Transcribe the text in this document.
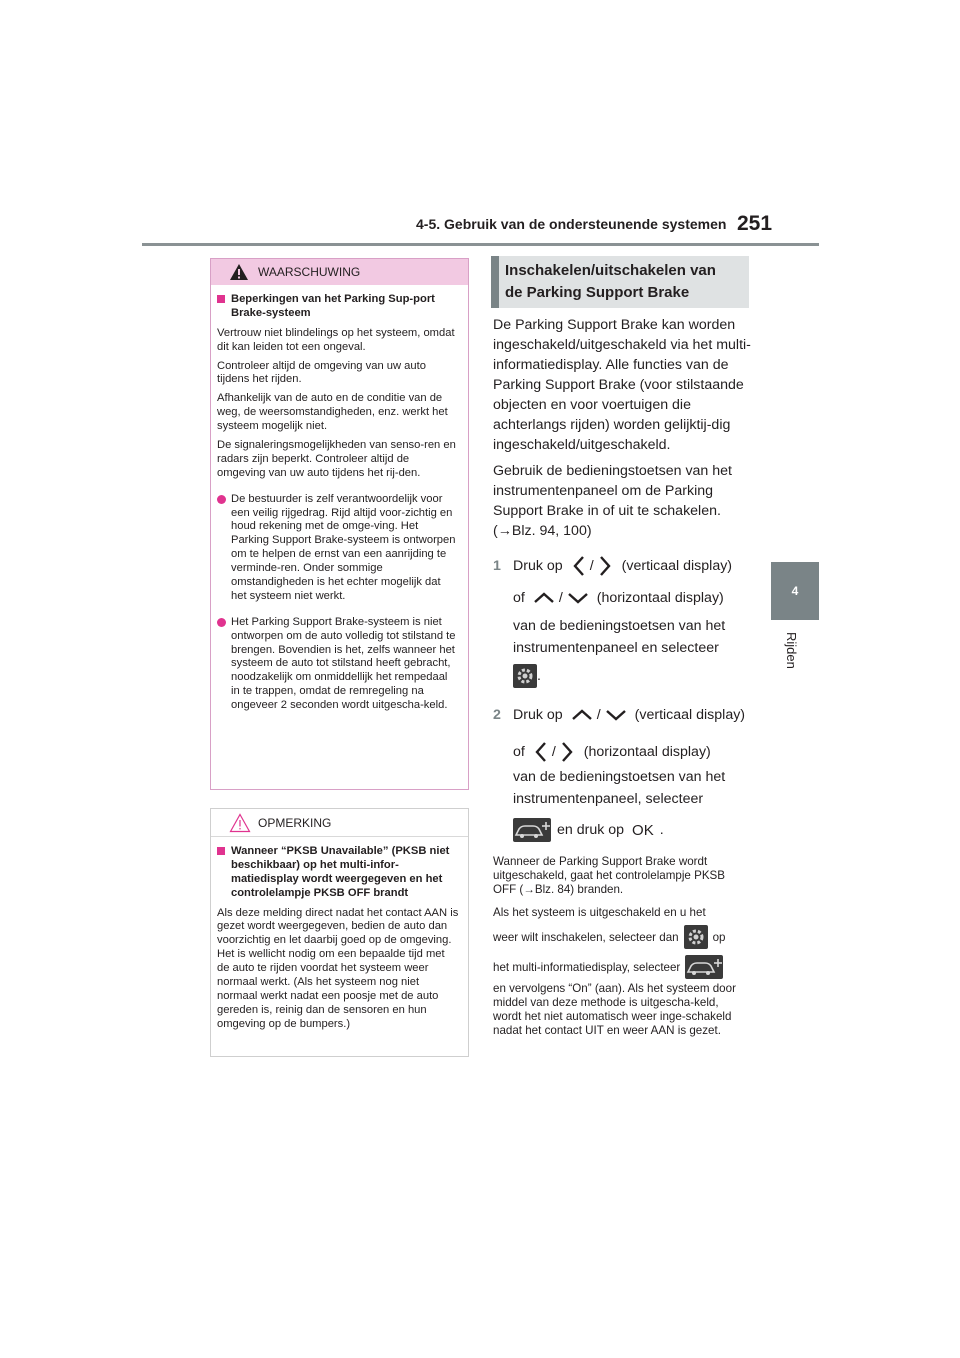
4-5. Gebruik van de ondersteunende systemen 251
4
Rijden
WAARSCHUWING
Beperkingen van het Parking Sup-port Brake-systeem

Vertrouw niet blindelings op het systeem, omdat dit kan leiden tot een ongeval.

Controleer altijd de omgeving van uw auto tijdens het rijden.

Afhankelijk van de auto en de conditie van de weg, de weersomstandigheden, enz. werkt het systeem mogelijk niet.

De signaleringsmogelijkheden van senso-ren en radars zijn beperkt. Controleer altijd de omgeving van uw auto tijdens het rij-den.

De bestuurder is zelf verantwoordelijk voor een veilig rijgedrag. Rijd altijd voor-zichtig en houd rekening met de omge-ving. Het Parking Support Brake-systeem is ontworpen om te helpen de ernst van een aanrijding te verminde-ren. Onder sommige omstandigheden is het echter mogelijk dat het systeem niet werkt.
Het Parking Support Brake-systeem is niet ontworpen om de auto volledig tot stilstand te brengen. Bovendien is het, zelfs wanneer het systeem de auto tot stilstand heeft gebracht, noodzakelijk om onmiddellijk het rempedaal in te trappen, omdat de remregeling na ongeveer 2 seconden wordt uitgescha-keld.
OPMERKING
Wanneer “PKSB Unavailable” (PKSB niet beschikbaar) op het multi-infor-matiedisplay wordt weergegeven en het controlelampje PKSB OFF brandt

Als deze melding direct nadat het contact AAN is gezet wordt weergegeven, bedien de auto dan voorzichtig en let daarbij goed op de omgeving. Het is wellicht nodig om een bepaalde tijd met de auto te rijden voordat het systeem weer normaal werkt. (Als het systeem nog niet normaal werkt nadat een poosje met de auto gereden is, reinig dan de sensoren en hun omgeving op de bumpers.)

Inschakelen/uitschakelen van
de Parking Support Brake
De Parking Support Brake kan worden ingeschakeld/uitgeschakeld via het multi-informatiedisplay. Alle functies van de Parking Support Brake (voor stilstaande objecten en voor voertuigen die achterlangs rijden) worden gelijktij-dig ingeschakeld/uitgeschakeld.
Gebruik de bedieningstoetsen van het instrumentenpaneel om de Parking Support Brake in of uit te schakelen.
(→Blz. 94, 100)
1 Druk op / (verticaal display)
of / (horizontaal display)
van de bedieningstoetsen van het
instrumentenpaneel en selecteer
.
2 Druk op / (verticaal display)
of / (horizontaal display)
van de bedieningstoetsen van het
instrumentenpaneel, selecteer
en druk op OK .
Wanneer de Parking Support Brake wordt uitgeschakeld, gaat het controlelampje PKSB OFF (→Blz. 84) branden.
Als het systeem is uitgeschakeld en u het
weer wilt inschakelen, selecteer dan	op
het multi-informatiedisplay, selecteer
en vervolgens “On” (aan). Als het systeem door middel van deze methode is uitgescha-keld, wordt het niet automatisch weer inge-schakeld nadat het contact UIT en weer AAN is gezet.
